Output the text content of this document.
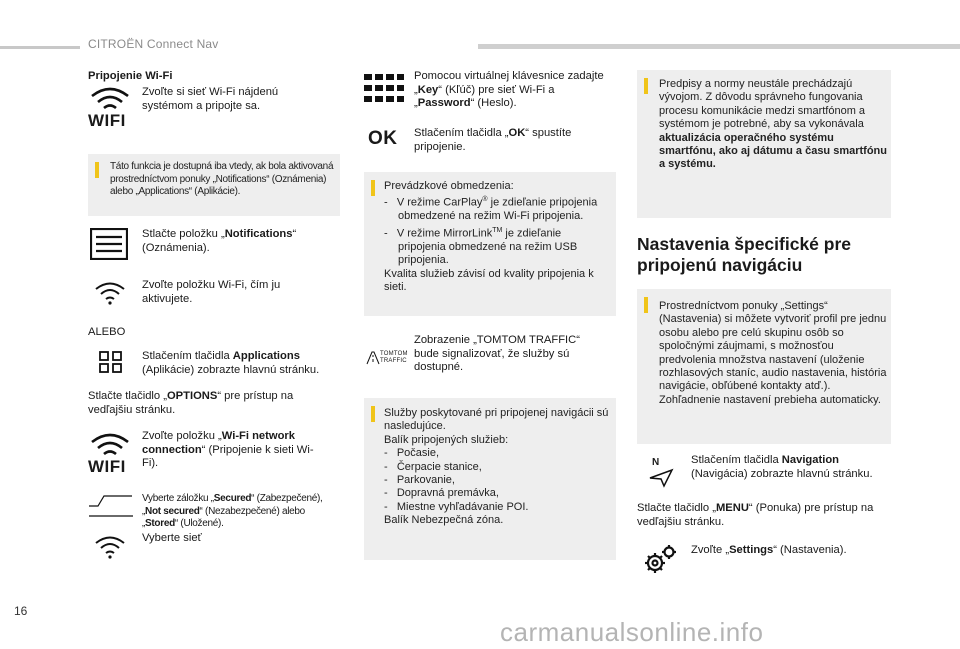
CITROËN Connect Nav
Pripojenie Wi-Fi
WIFI
Zvoľte si sieť Wi-Fi nájdenú systémom a pripojte sa.
Táto funkcia je dostupná iba vtedy, ak bola aktivovaná prostredníctvom ponuky „Notifications“ (Oznámenia) alebo „Applications“ (Aplikácie).
Stlačte položku „Notifications“ (Oznámenia).
Zvoľte položku Wi-Fi, čím ju aktivujete.
ALEBO
Stlačením tlačidla Applications (Aplikácie) zobrazte hlavnú stránku.
Stlačte tlačidlo „OPTIONS“ pre prístup na vedľajšiu stránku.
WIFI
Zvoľte položku „Wi-Fi network connection“ (Pripojenie k sieti Wi-Fi).
Vyberte záložku „Secured“ (Zabezpečené), „Not secured“ (Nezabezpečené) alebo „Stored“ (Uložené).
Vyberte sieť
Pomocou virtuálnej klávesnice zadajte „Key“ (Kľúč) pre sieť Wi-Fi a „Password“ (Heslo).
OK Stlačením tlačidla „OK“ spustíte pripojenie.
Prevádzkové obmedzenia:
-   V režime CarPlay® je zdieľanie pripojenia obmedzené na režim Wi-Fi pripojenia.
-   V režime MirrorLink™ je zdieľanie pripojenia obmedzené na režim USB pripojenia.
Kvalita služieb závisí od kvality pripojenia k sieti.
TOMTOM
TRAFFIC
Zobrazenie „TOMTOM TRAFFIC“ bude signalizovať, že služby sú dostupné.
Služby poskytované pri pripojenej navigácii sú nasledujúce.
Balík pripojených služieb:
-   Počasie,
-   Čerpacie stanice,
-   Parkovanie,
-   Dopravná premávka,
-   Miestne vyhľadávanie POI.
Balík Nebezpečná zóna.
Predpisy a normy neustále prechádzajú vývojom. Z dôvodu správneho fungovania procesu komunikácie medzi smartfónom a systémom je potrebné, aby sa vykonávala aktualizácia operačného systému smartfónu, ako aj dátumu a času smartfónu a systému.
Nastavenia špecifické pre pripojenú navigáciu
Prostredníctvom ponuky „Settings“ (Nastavenia) si môžete vytvoriť profil pre jednu osobu alebo pre celú skupinu osôb so spoločnými záujmami, s možnosťou predvolenia množstva nastavení (uloženie rozhlasových staníc, audio nastavenia, história navigácie, obľúbené kontakty atď.). Zohľadnenie nastavení prebieha automaticky.
N	Stlačením tlačidla Navigation (Navigácia) zobrazte hlavnú stránku.
Stlačte tlačidlo „MENU“ (Ponuka) pre prístup na vedľajšiu stránku.
Zvoľte „Settings“ (Nastavenia).
16
carmanualsonline.info
